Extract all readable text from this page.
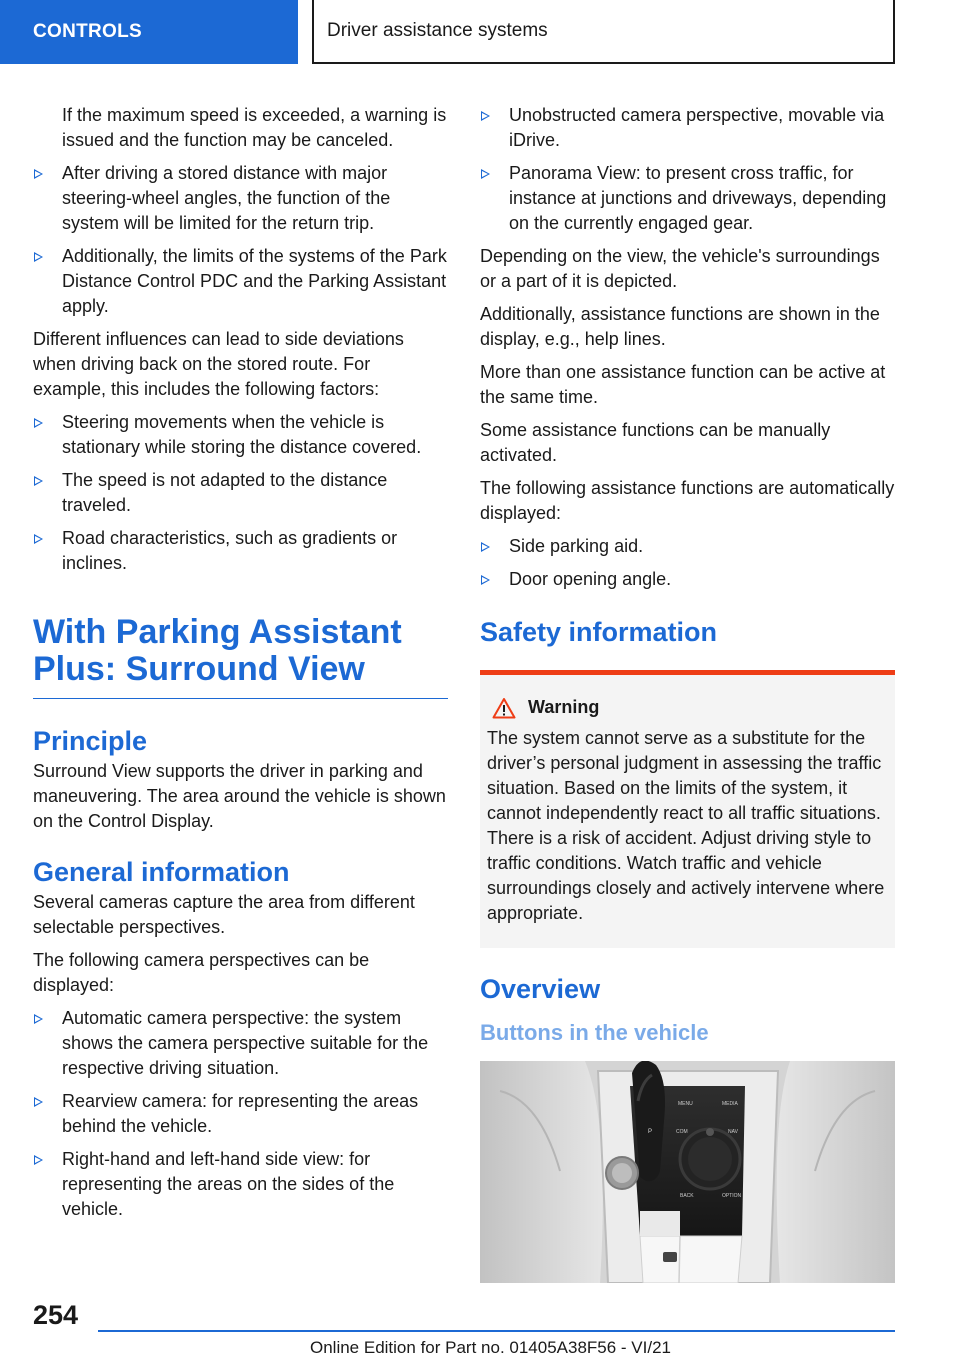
CONTROLS	Driver assistance systems

If the maximum speed is exceeded, a warning is issued and the function may be canceled.

After driving a stored distance with major steering-wheel angles, the function of the system will be limited for the return trip.
Additionally, the limits of the systems of the Park Distance Control PDC and the Parking Assistant apply.

Different influences can lead to side deviations when driving back on the stored route. For example, this includes the following factors:

Steering movements when the vehicle is stationary while storing the distance covered.
The speed is not adapted to the distance traveled.
Road characteristics, such as gradients or inclines.
With Parking Assistant Plus: Surround View
Principle

Surround View supports the driver in parking and maneuvering. The area around the vehicle is shown on the Control Display.

General information

Several cameras capture the area from different selectable perspectives.

The following camera perspectives can be displayed:

Automatic camera perspective: the system shows the camera perspective suitable for the respective driving situation.
Rearview camera: for representing the areas behind the vehicle.
Right-hand and left-hand side view: for representing the areas on the sides of the vehicle.
Unobstructed camera perspective, movable via iDrive.
Panorama View: to present cross traffic, for instance at junctions and driveways, depending on the currently engaged gear.

Depending on the view, the vehicle's surroundings or a part of it is depicted.

Additionally, assistance functions are shown in the display, e.g., help lines.

More than one assistance function can be active at the same time.

Some assistance functions can be manually activated.

The following assistance functions are automatically displayed:

Side parking aid.
Door opening angle.
Safety information
Warning

The system cannot serve as a substitute for the driver’s personal judgment in assessing the traffic situation. Based on the limits of the system, it cannot independently react to all traffic situations. There is a risk of accident. Adjust driving style to traffic conditions. Watch traffic and vehicle surroundings closely and actively intervene where appropriate.

Overview
Buttons in the vehicle
P
MENU	MEDIA
COM	NAV
BACK	OPTION
254
Online Edition for Part no. 01405A38F56 - VI/21
